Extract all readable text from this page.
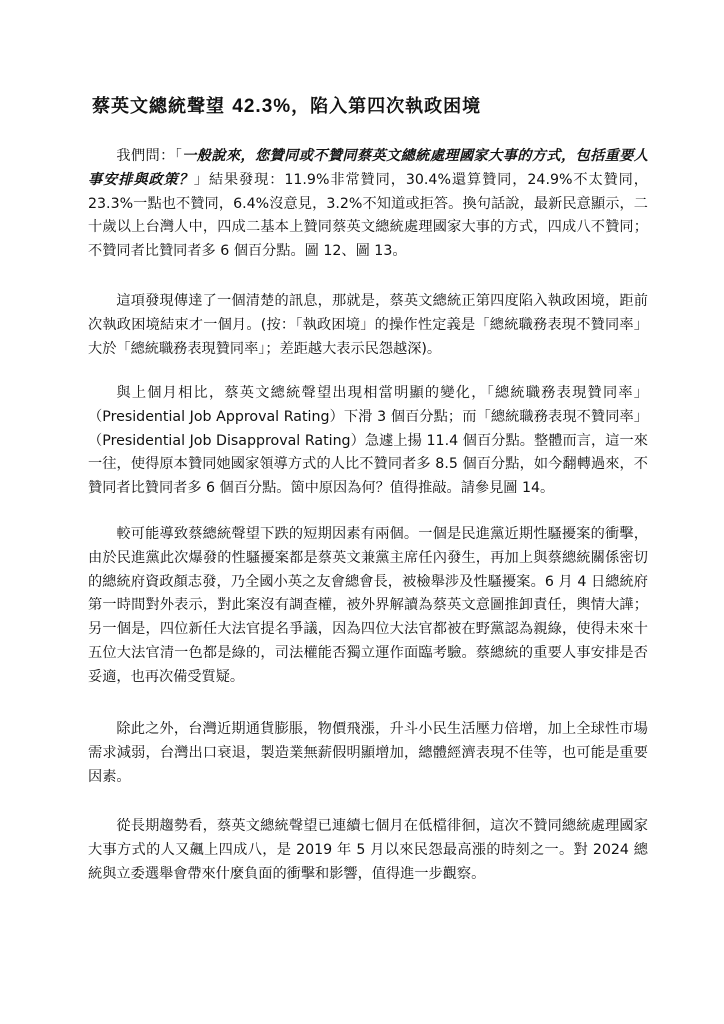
蔡英文總統聲望 42.3%，陷入第四次執政困境

我們問：「一般說來，您贊同或不贊同蔡英文總統處理國家大事的方式，包括重要人事安排與政策？」結果發現：11.9%非常贊同，30.4%還算贊同，24.9%不太贊同，23.3%一點也不贊同，6.4%沒意見，3.2%不知道或拒答。換句話說，最新民意顯示，二十歲以上台灣人中，四成二基本上贊同蔡英文總統處理國家大事的方式，四成八不贊同；不贊同者比贊同者多 6 個百分點。圖 12、圖 13。

這項發現傳達了一個清楚的訊息，那就是，蔡英文總統正第四度陷入執政困境，距前次執政困境結束才一個月。(按：「執政困境」的操作性定義是「總統職務表現不贊同率」大於「總統職務表現贊同率」；差距越大表示民怨越深)。

與上個月相比，蔡英文總統聲望出現相當明顯的變化，「總統職務表現贊同率」（Presidential Job Approval Rating）下滑 3 個百分點；而「總統職務表現不贊同率」（Presidential Job Disapproval Rating）急遽上揚 11.4 個百分點。整體而言，這一來一往，使得原本贊同她國家領導方式的人比不贊同者多 8.5 個百分點，如今翻轉過來，不贊同者比贊同者多 6 個百分點。箇中原因為何？值得推敲。請參見圖 14。

較可能導致蔡總統聲望下跌的短期因素有兩個。一個是民進黨近期性騷擾案的衝擊，由於民進黨此次爆發的性騷擾案都是蔡英文兼黨主席任內發生，再加上與蔡總統關係密切的總統府資政顏志發，乃全國小英之友會總會長，被檢舉涉及性騷擾案。6 月 4 日總統府第一時間對外表示，對此案沒有調查權，被外界解讀為蔡英文意圖推卸責任，輿情大譁；另一個是，四位新任大法官提名爭議，因為四位大法官都被在野黨認為親綠，使得未來十五位大法官清一色都是綠的，司法權能否獨立運作面臨考驗。蔡總統的重要人事安排是否妥適，也再次備受質疑。

除此之外，台灣近期通貨膨脹，物價飛漲，升斗小民生活壓力倍增，加上全球性市場需求減弱，台灣出口衰退，製造業無薪假明顯增加，總體經濟表現不佳等，也可能是重要因素。

從長期趨勢看，蔡英文總統聲望已連續七個月在低檔徘徊，這次不贊同總統處理國家大事方式的人又飆上四成八，是 2019 年 5 月以來民怨最高漲的時刻之一。對 2024 總統與立委選舉會帶來什麼負面的衝擊和影響，值得進一步觀察。
